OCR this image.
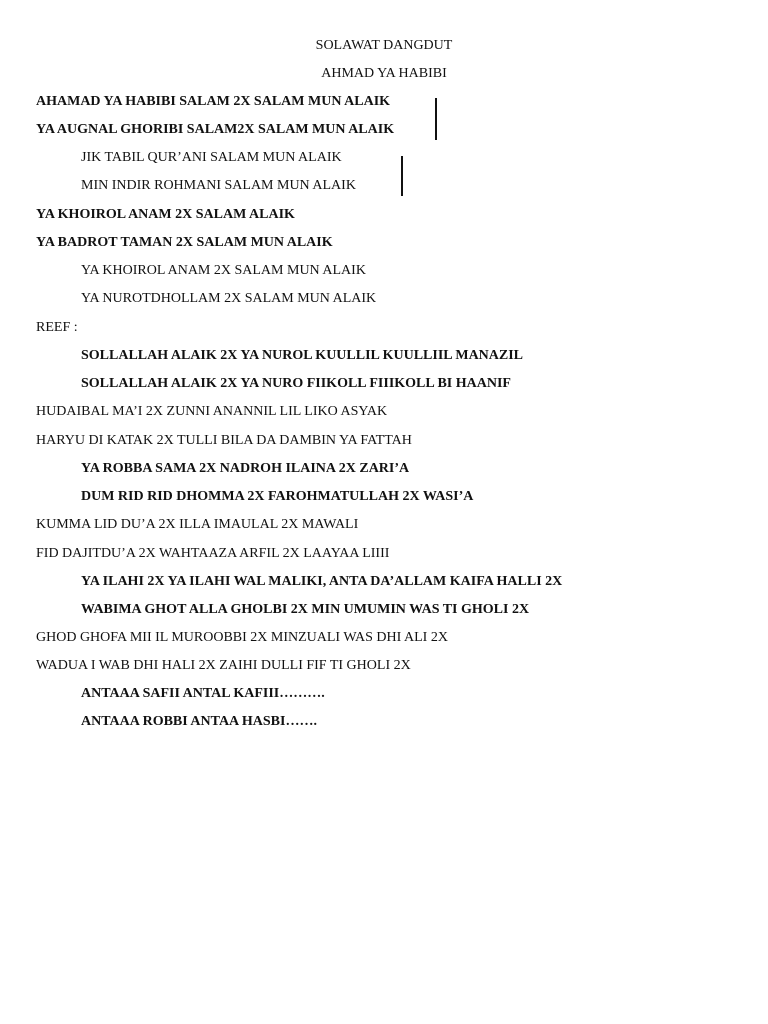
SOLAWAT DANGDUT
AHMAD YA HABIBI
AHAMAD YA HABIBI SALAM 2X SALAM MUN ALAIK
YA AUGNAL GHORIBI SALAM2X SALAM MUN ALAIK
JIK TABIL QUR’ANI SALAM MUN ALAIK
MIN INDIR ROHMANI SALAM MUN ALAIK
YA KHOIROL ANAM 2X SALAM ALAIK
YA BADROT TAMAN 2X SALAM MUN ALAIK
YA KHOIROL ANAM 2X SALAM MUN ALAIK
YA NUROTDHOLLAM 2X SALAM MUN ALAIK
REEF :
SOLLALLAH ALAIK 2X YA NUROL KUULLIL KUULLIIL MANAZIL
SOLLALLAH ALAIK 2X YA NURO FIIKOLL FIIIKOLL BI HAANIF
HUDAIBAL MA’I 2X ZUNNI ANANNIL LIL LIKO ASYAK
HARYU DI KATAK 2X TULLI BILA DA DAMBIN YA FATTAH
YA ROBBA SAMA 2X NADROH ILAINA 2X ZARI’A
DUM RID RID DHOMMA 2X FAROHMATULLAH 2X WASI’A
KUMMA LID DU’A 2X ILLA IMAULAL 2X MAWALI
FID DAJITDU’A 2X WAHTAAZA ARFIL 2X LAAYAA LIIII
YA ILAHI 2X YA ILAHI WAL MALIKI, ANTA DA’ALLAM KAIFA HALLI 2X
WABIMA GHOT ALLA GHOLBI 2X MIN UMUMIN WAS TI GHOLI 2X
GHOD GHOFA MII IL MUROOBBI 2X MINZUALI WAS DHI ALI 2X
WADUA I WAB DHI HALI 2X ZAIHI DULLI FIF TI GHOLI 2X
ANTAAA SAFII ANTAL KAFIII……….
ANTAAA ROBBI ANTAA HASBI…….
